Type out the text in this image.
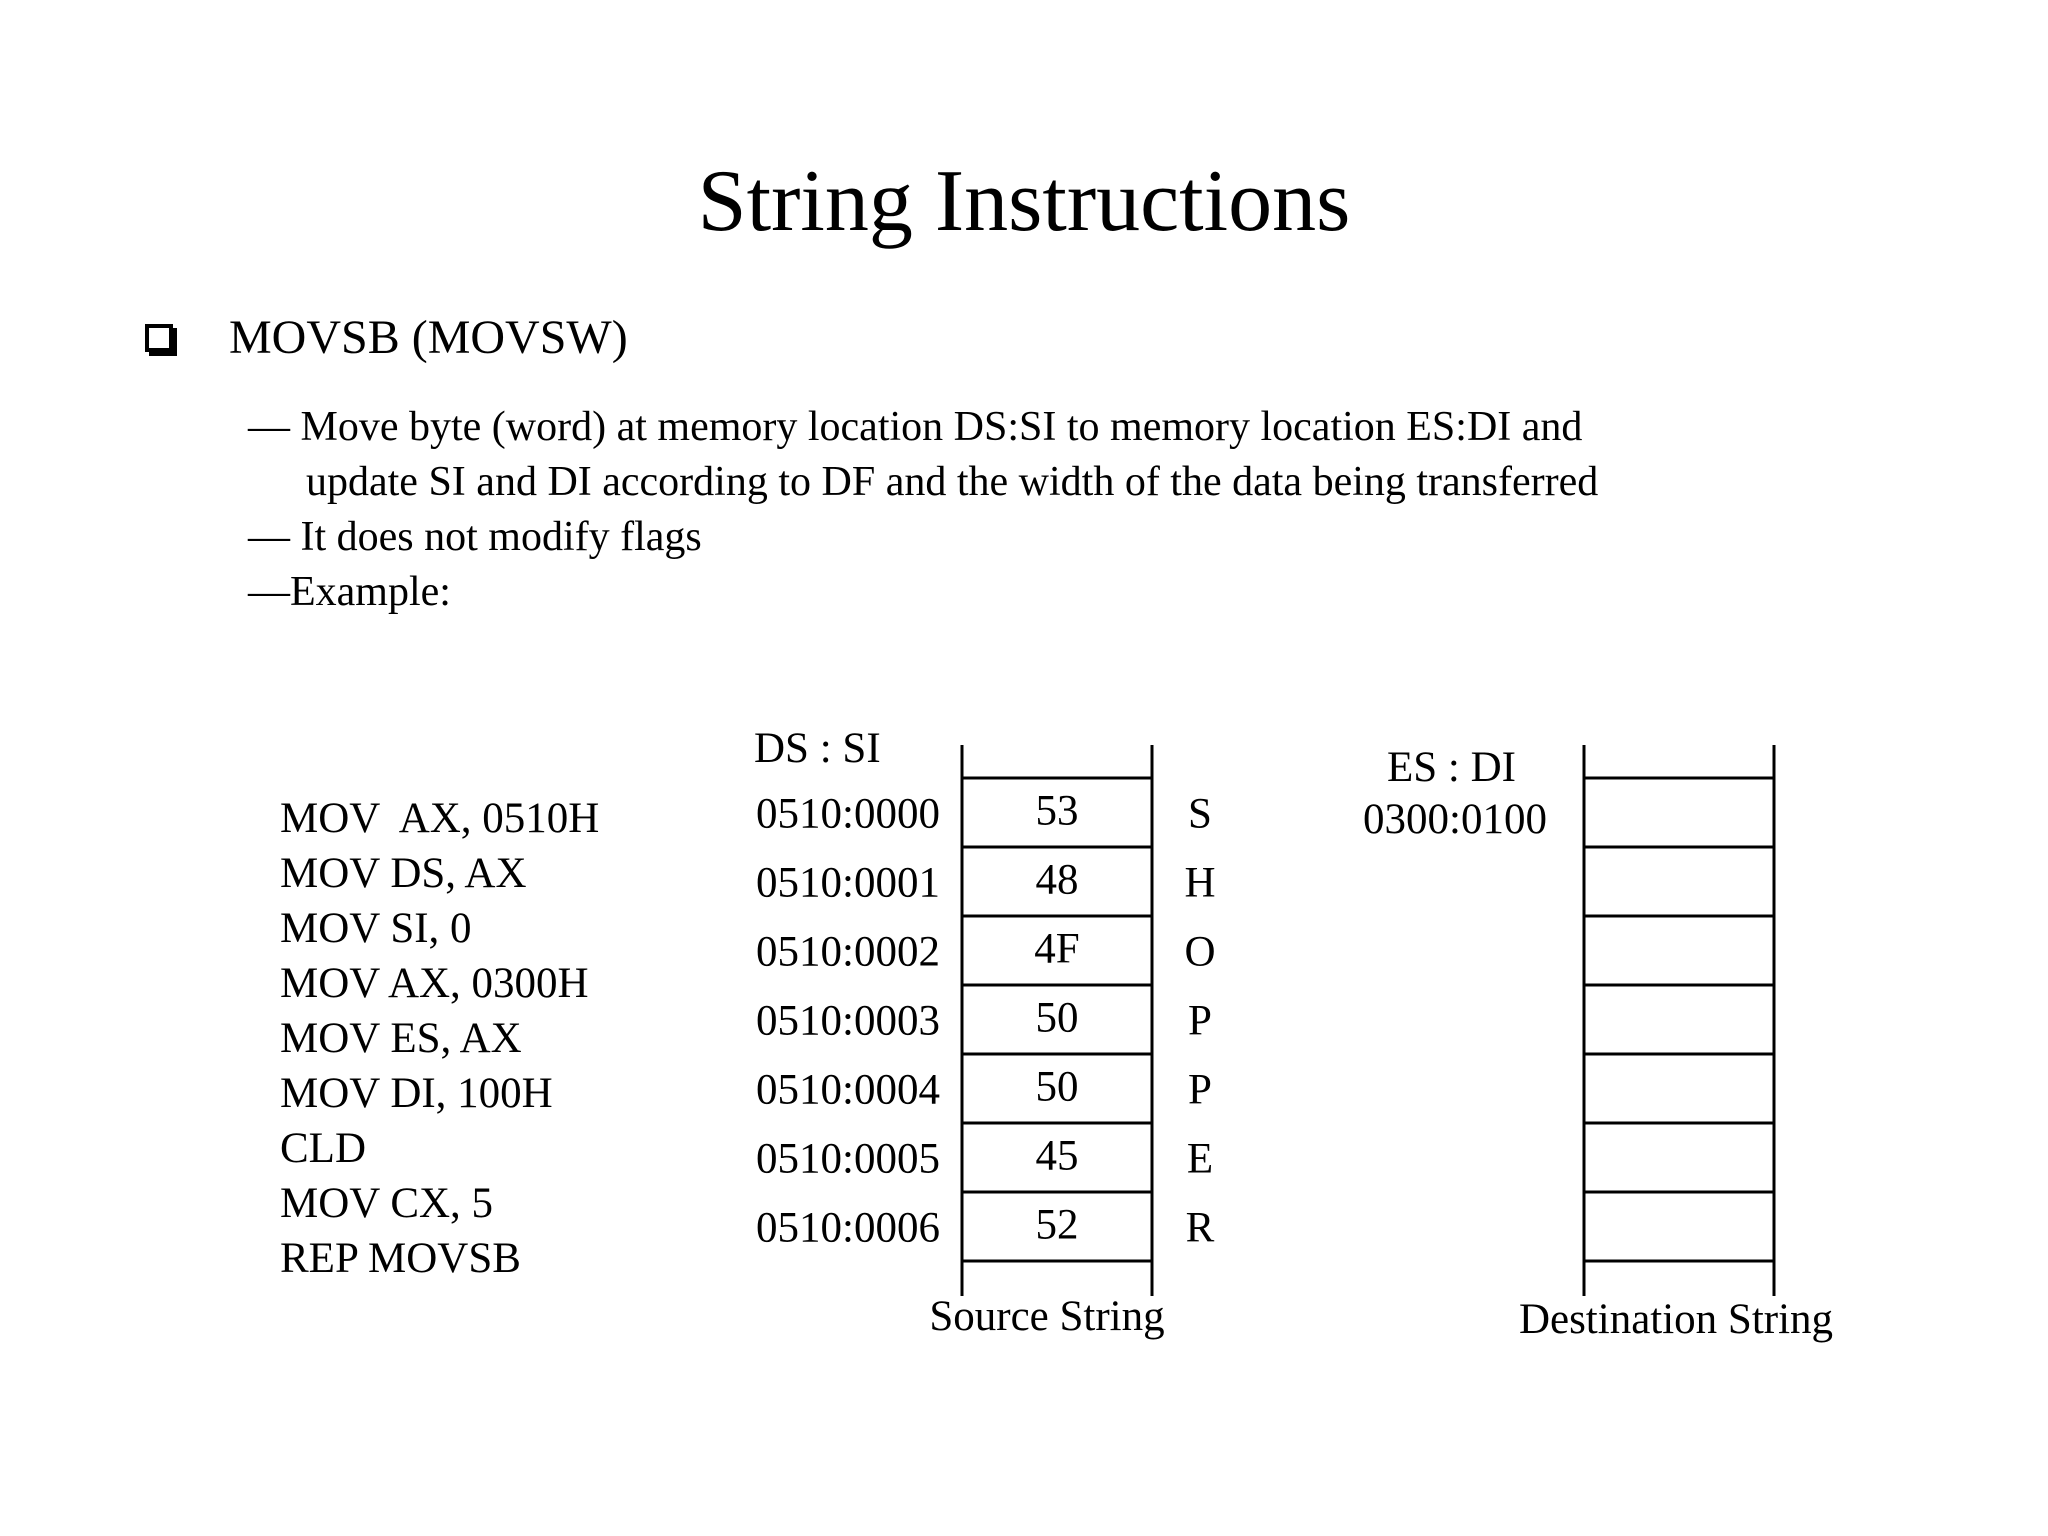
String Instructions
MOVSB (MOVSW)
— Move byte (word) at memory location DS:SI to memory location ES:DI and
update SI and DI according to DF and the width of the data being transferred
— It does not modify flags
—Example:
MOV  AX, 0510H
MOV DS, AX
MOV SI, 0
MOV AX, 0300H
MOV ES, AX
MOV DI, 100H
CLD
MOV CX, 5
REP MOVSB
DS : SI
Source String
0510:0000 53	S
0510:0001 48 H
0510:0002 4F O
0510:0003 50	P
0510:0004 50	P
0510:0005 45	E
0510:0006 52 R
ES : DI
0300:0100
Destination String
